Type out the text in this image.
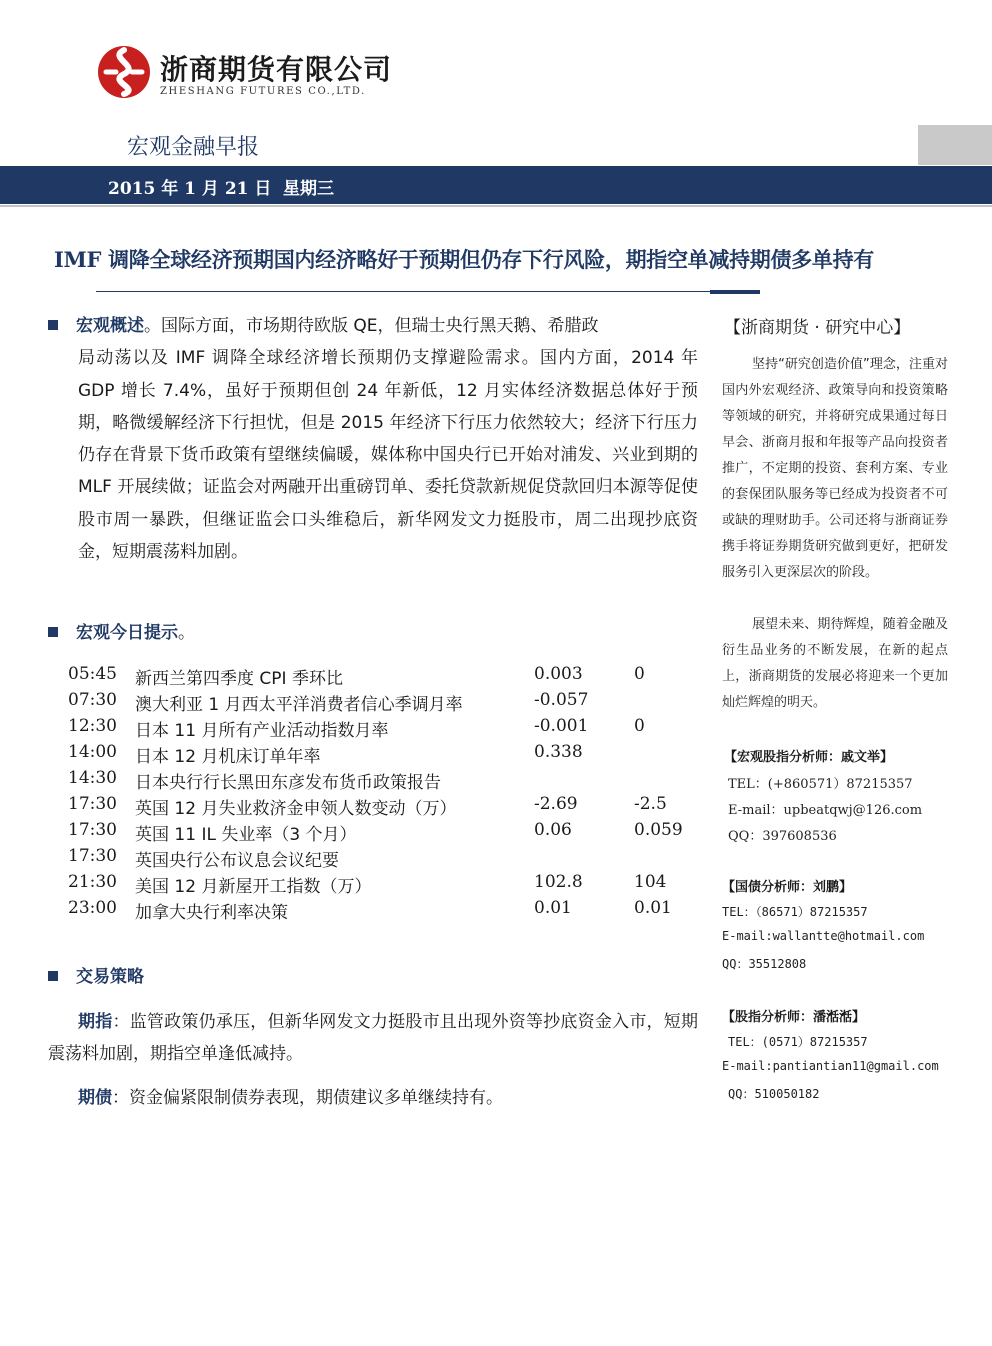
浙商期货有限公司
ZHESHANG FUTURES CO.,LTD.
宏观金融早报
2015 年 1 月 21 日 星期三
IMF 调降全球经济预期国内经济略好于预期但仍存下行风险，期指空单减持期债多单持有
宏观概述。国际方面，市场期待欧版 QE，但瑞士央行黑天鹅、希腊政
局动荡以及 IMF 调降全球经济增长预期仍支撑避险需求。国内方面，2014 年 GDP 增长 7.4%，虽好于预期但创 24 年新低，12 月实体经济数据总体好于预期，略微缓解经济下行担忧，但是 2015 年经济下行压力依然较大；经济下行压力仍存在背景下货币政策有望继续偏暖，媒体称中国央行已开始对浦发、兴业到期的 MLF 开展续做；证监会对两融开出重磅罚单、委托贷款新规促贷款回归本源等促使股市周一暴跌，但继证监会口头维稳后，新华网发文力挺股市，周二出现抄底资金，短期震荡料加剧。
宏观今日提示。
05:45 新西兰第四季度 CPI 季环比	0.003	0
07:30 澳大利亚 1 月西太平洋消费者信心季调月率	-0.057
12:30 日本 11 月所有产业活动指数月率	-0.001	0
14:00 日本 12 月机床订单年率	0.338
14:30 日本央行行长黑田东彦发布货币政策报告
17:30 英国 12 月失业救济金申领人数变动（万）	-2.69	-2.5
17:30 英国 11 IL 失业率（3 个月）	0.06	0.059
17:30 英国央行公布议息会议纪要
21:30 美国 12 月新屋开工指数（万）	102.8	104
23:00 加拿大央行利率决策	0.01	0.01
交易策略
期指：监管政策仍承压，但新华网发文力挺股市且出现外资等抄底资金入市，短期震荡料加剧，期指空单逢低减持。
期债：资金偏紧限制债券表现，期债建议多单继续持有。
【浙商期货 · 研究中心】
坚持“研究创造价值”理念，注重对国内外宏观经济、政策导向和投资策略等领域的研究，并将研究成果通过每日早会、浙商月报和年报等产品向投资者推广，不定期的投资、套利方案、专业的套保团队服务等已经成为投资者不可或缺的理财助手。公司还将与浙商证券携手将证券期货研究做到更好，把研发服务引入更深层次的阶段。
展望未来、期待辉煌，随着金融及衍生品业务的不断发展，在新的起点上，浙商期货的发展必将迎来一个更加灿烂辉煌的明天。
【宏观股指分析师：戚文举】
TEL：(+860571）87215357
E-mail：upbeatqwj@126.com
QQ：397608536
【国债分析师：刘鹏】
TEL：（86571）87215357
E-mail:wallantte@hotmail.com
QQ：35512808
【股指分析师：潘湉湉】
TEL：(0571）87215357
E-mail:pantiantian11@gmail.com
QQ：510050182
